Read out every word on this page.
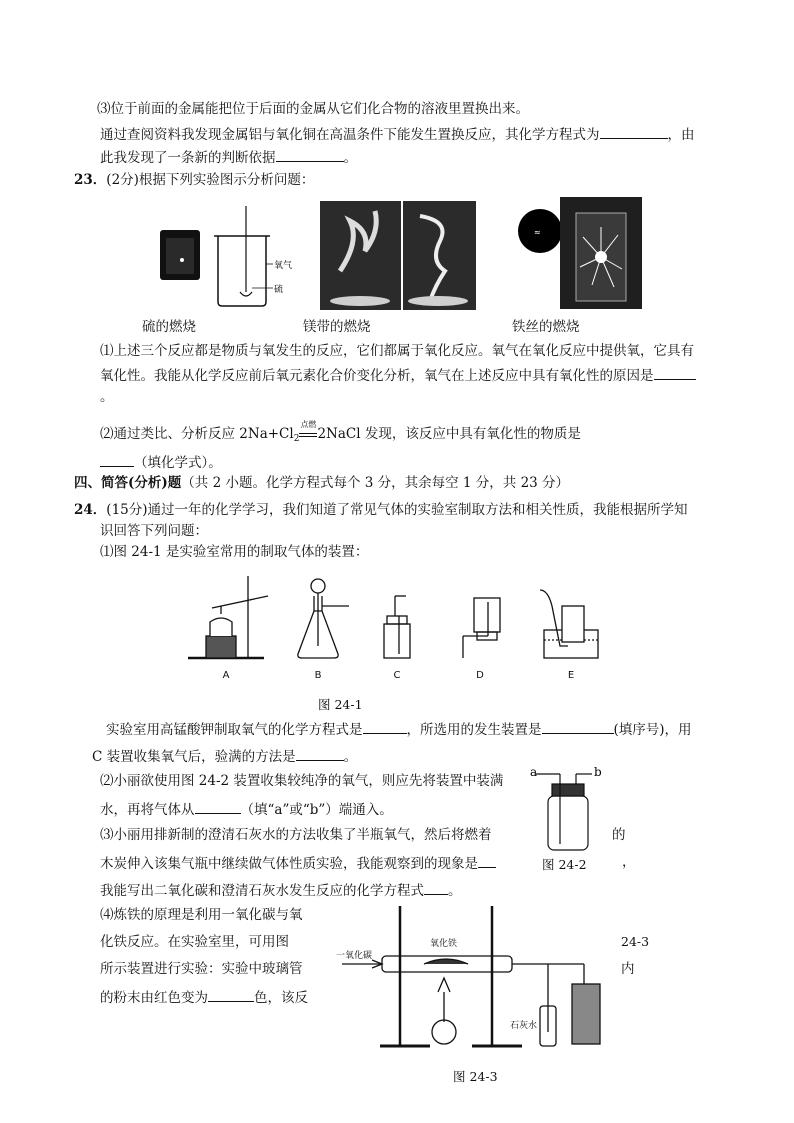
⑶位于前面的金属能把位于后面的金属从它们化合物的溶液里置换出来。
通过查阅资料我发现金属铝与氧化铜在高温条件下能发生置换反应，其化学方程式为	，由
此我发现了一条新的判断依据	。
23．(2分)根据下列实验图示分析问题：
氧气
硫
≈
硫的燃烧	镁带的燃烧	铁丝的燃烧
⑴上述三个反应都是物质与氧发生的反应，它们都属于氧化反应。氧气在氧化反应中提供氧，它具有
氧化性。我能从化学反应前后氧元素化合价变化分析，氧气在上述反应中具有氧化性的原因是
。
⑵通过类比、分析反应 $2Na+Cl_2$
点燃
2NaCl 发现，该反应中具有氧化性的物质是
（填化学式）。
四、简答(分析)题（共 2 小题。化学方程式每个 3 分，其余每空 1 分，共 23 分）
24．(15分)通过一年的化学学习，我们知道了常见气体的实验室制取方法和相关性质，我能根据所学知
识回答下列问题：
⑴图 24-1 是实验室常用的制取气体的装置：
A	B	C	D	E
图 24-1
实验室用高锰酸钾制取氧气的化学方程式是	，所选用的发生装置是	(填序号)，用
C 装置收集氧气后，验满的方法是	。
⑵小丽欲使用图 24-2 装置收集较纯净的氧气，则应先将装置中装满
水，再将气体从	（填“a”或“b”）端通入。
a	b
⑶小丽用排新制的澄清石灰水的方法收集了半瓶氧气，然后将燃着	的
木炭伸入该集气瓶中继续做气体性质实验，我能观察到的现象是	图 24-2	，
我能写出二氧化碳和澄清石灰水发生反应的化学方程式 。
⑷炼铁的原理是利用一氧化碳与氧
化铁反应。在实验室里，可用图	24-3
所示装置进行实验：实验中玻璃管	内
的粉末由红色变为	色，该反
一氧化碳
氧化铁
石灰水
图 24-3
